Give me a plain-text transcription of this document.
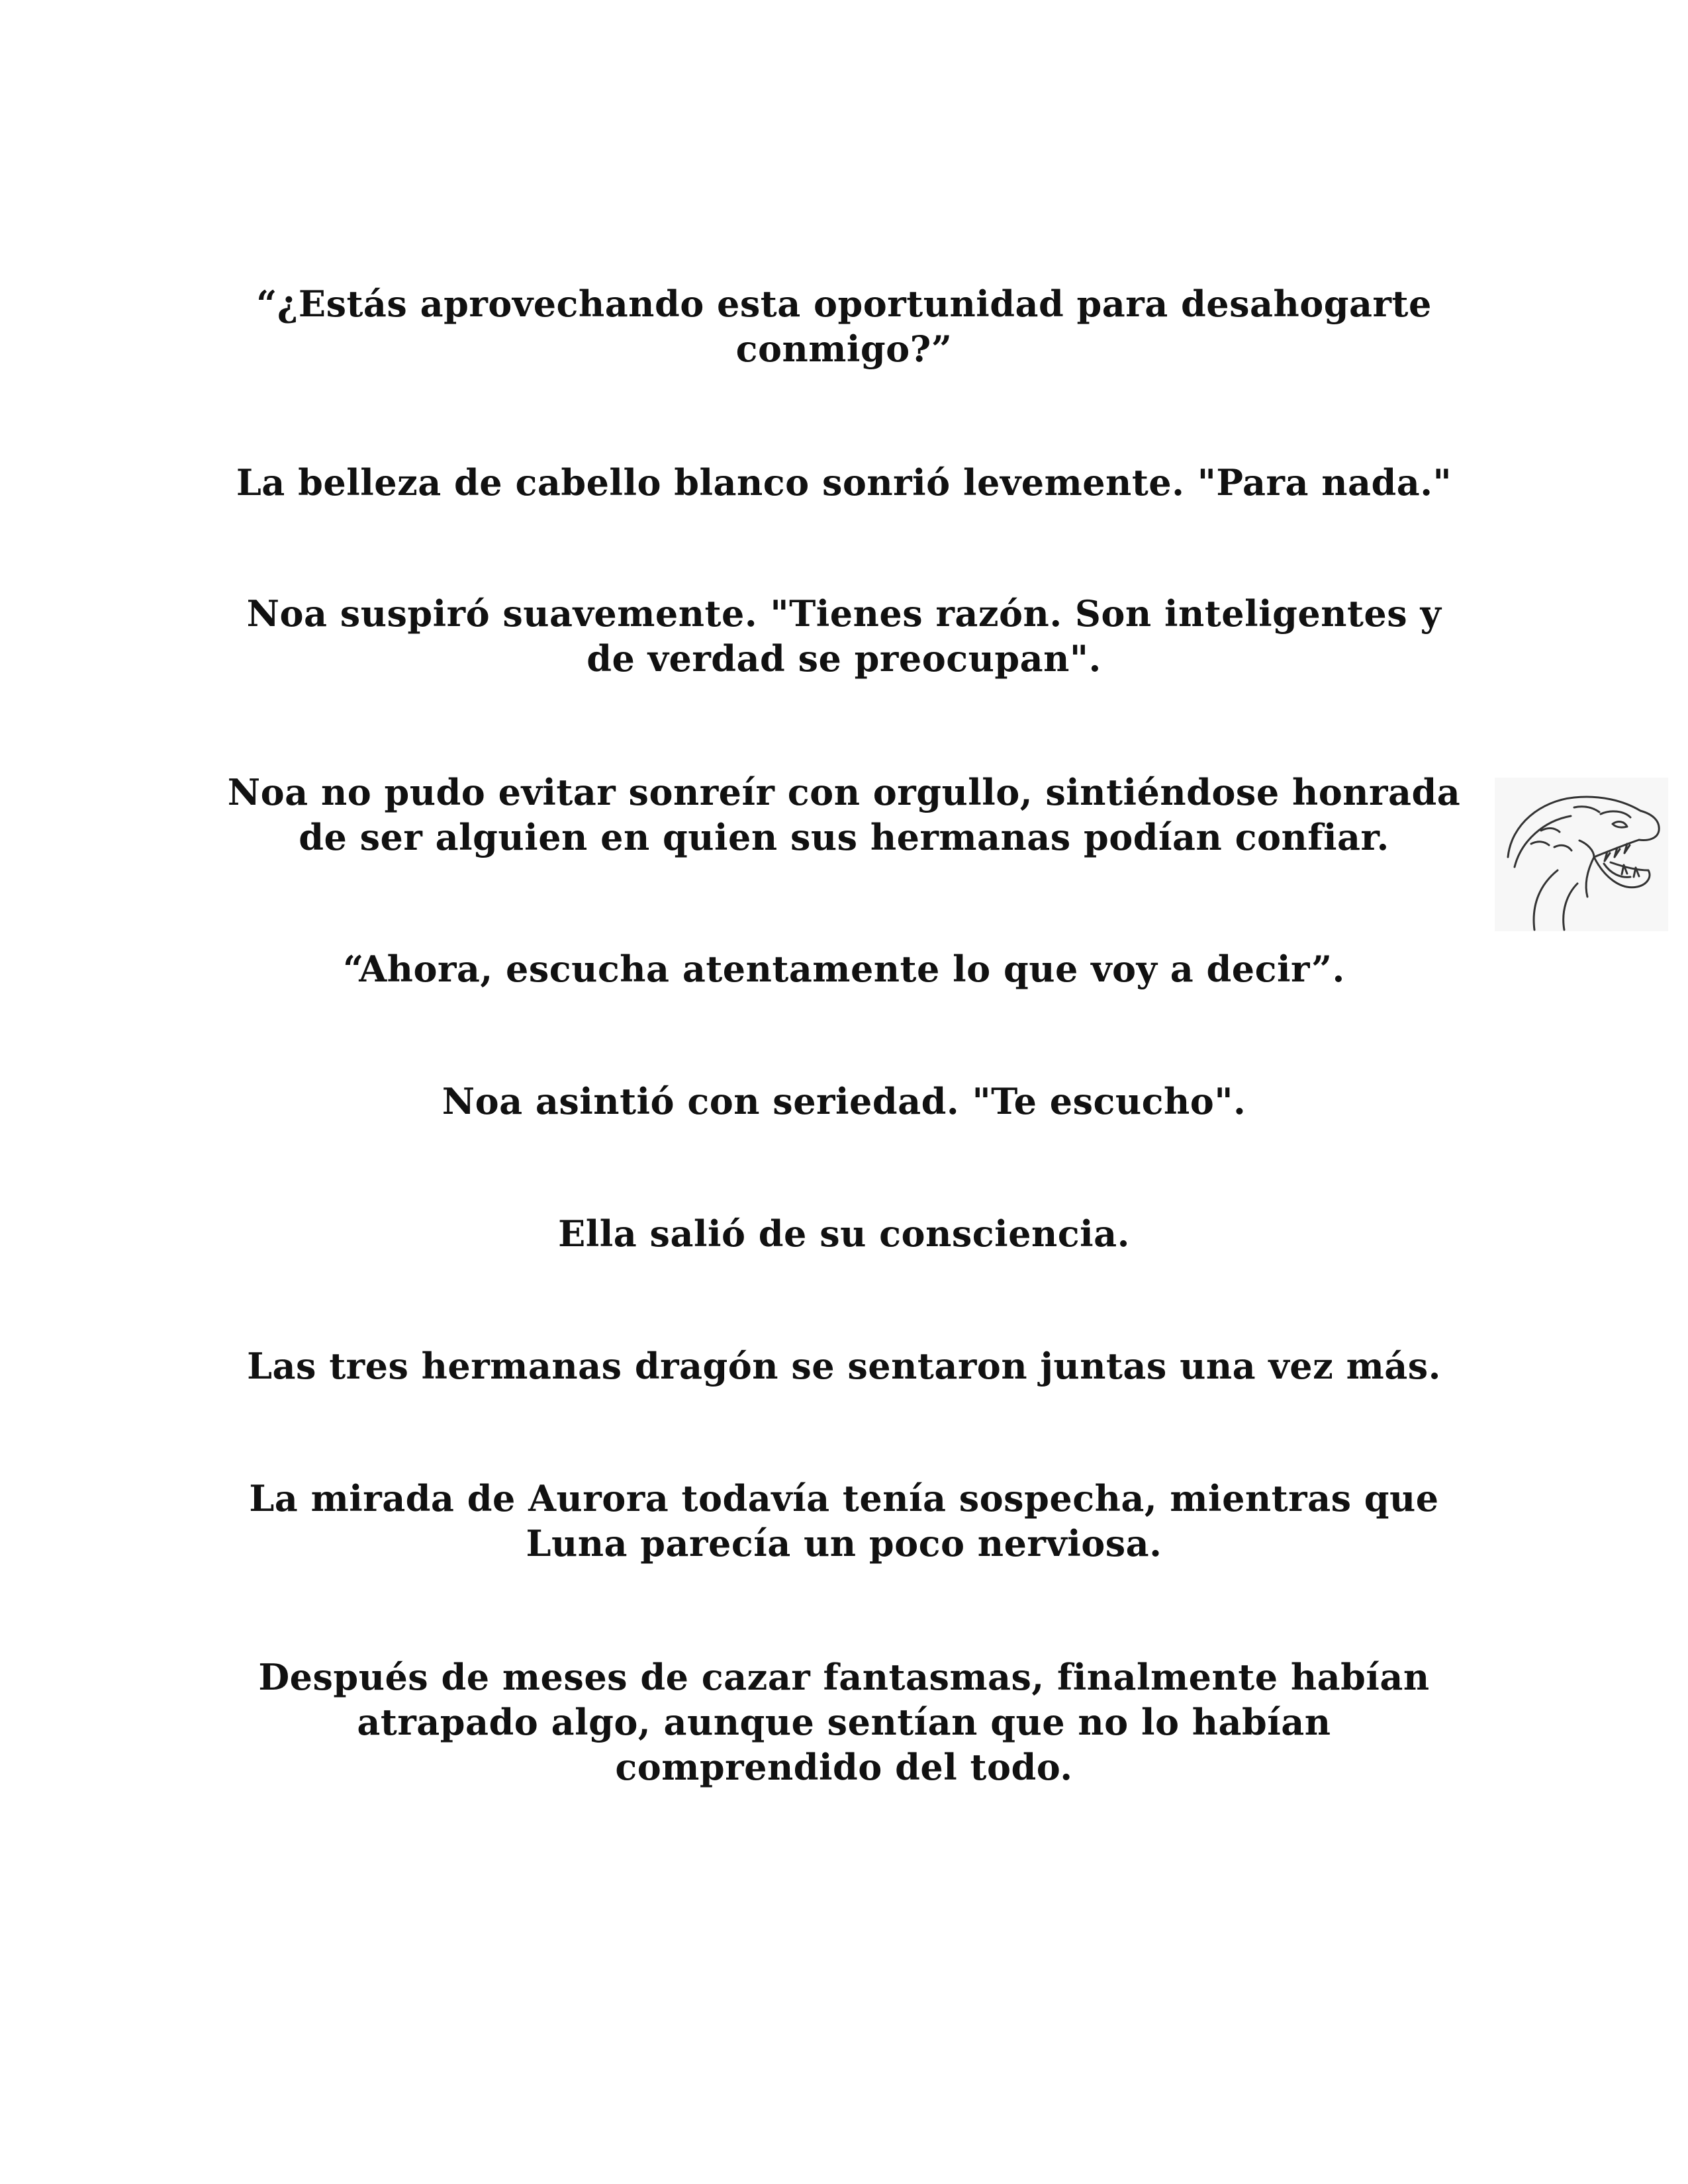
“¿Estás aprovechando esta oportunidad para desahogarte conmigo?”

La belleza de cabello blanco sonrió levemente. "Para nada."

Noa suspiró suavemente. "Tienes razón. Son inteligentes y de verdad se preocupan".

Noa no pudo evitar sonreír con orgullo, sintiéndose honrada de ser alguien en quien sus hermanas podían confiar.

“Ahora, escucha atentamente lo que voy a decir”.

Noa asintió con seriedad. "Te escucho".

Ella salió de su consciencia.

Las tres hermanas dragón se sentaron juntas una vez más.

La mirada de Aurora todavía tenía sospecha, mientras que Luna parecía un poco nerviosa.

Después de meses de cazar fantasmas, finalmente habían atrapado algo, aunque sentían que no lo habían comprendido del todo.
